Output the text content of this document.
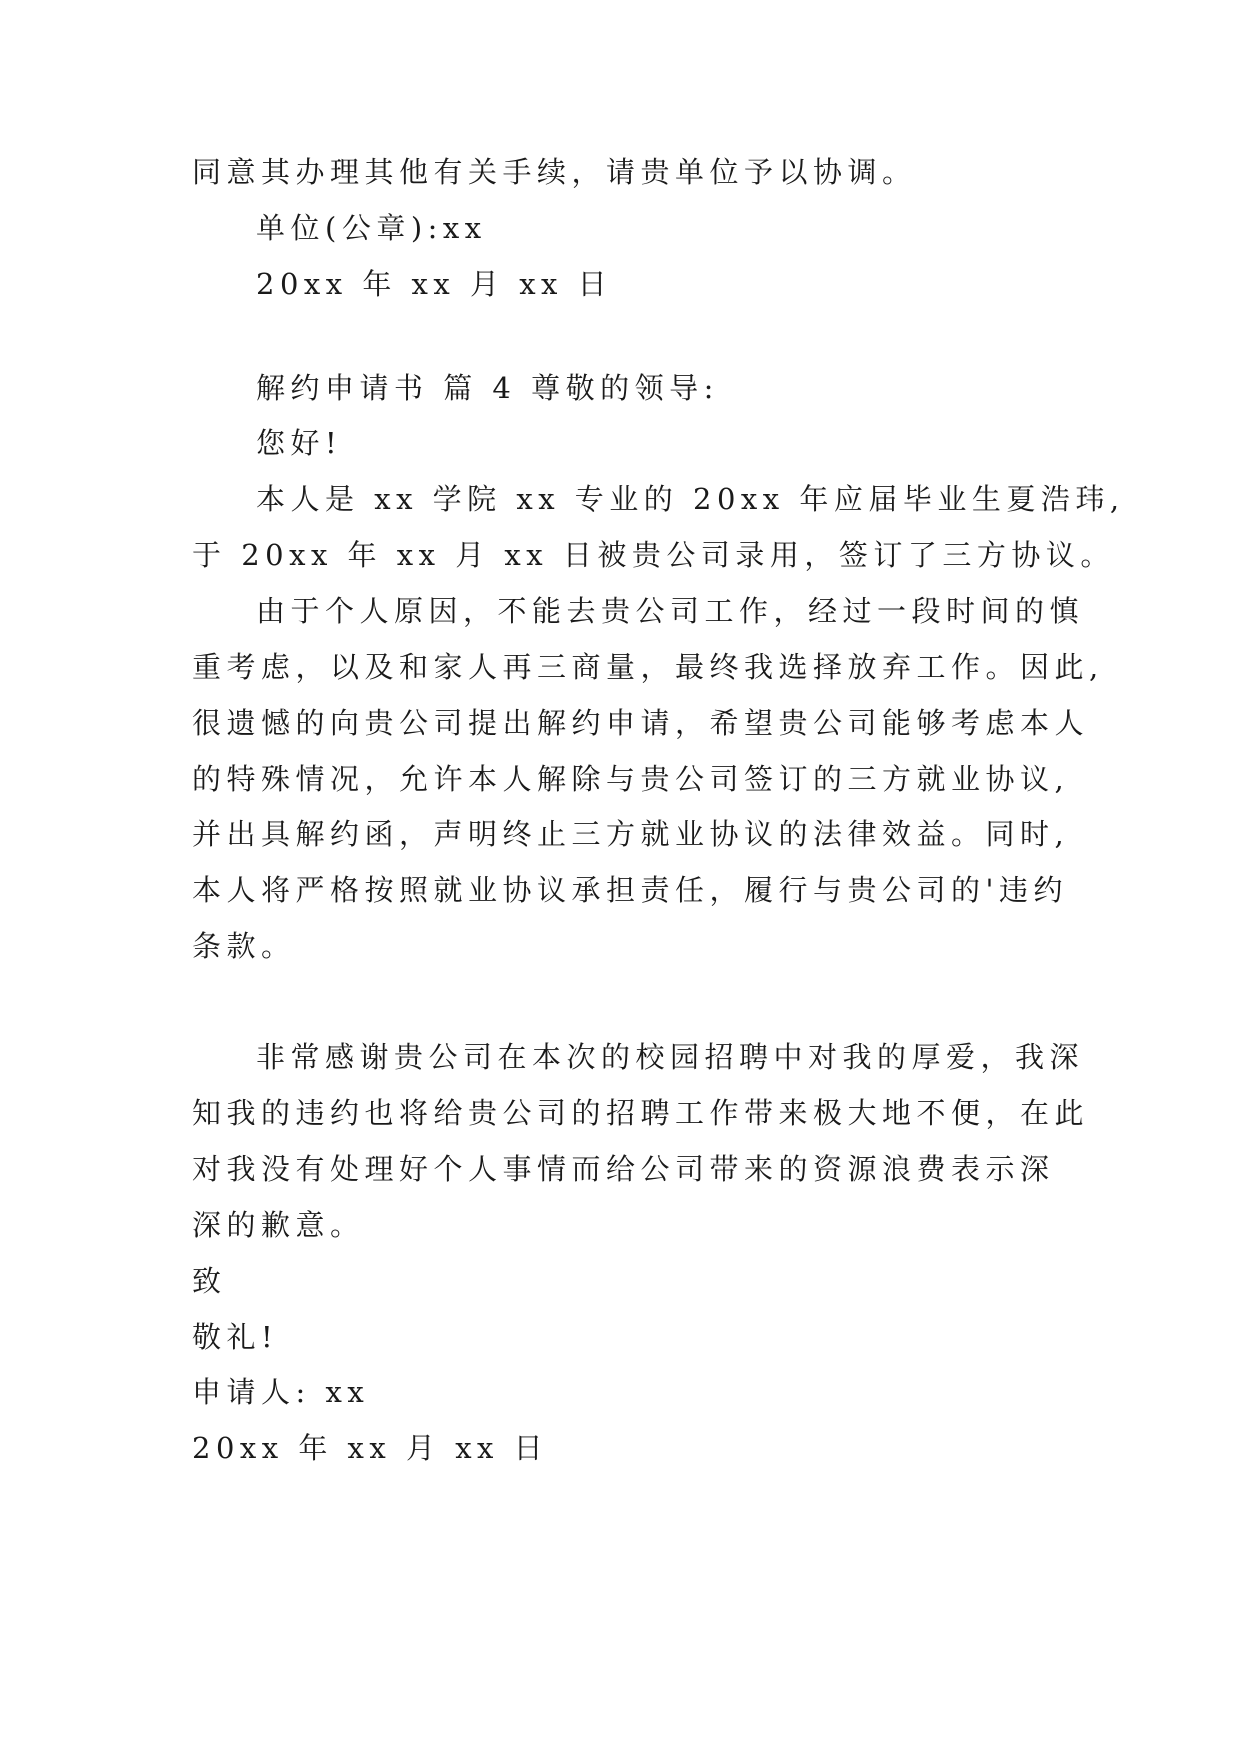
同意其办理其他有关手续，请贵单位予以协调。
单位(公章):xx
20xx 年 xx 月 xx 日
解约申请书 篇 4 尊敬的领导:
您好!
本人是 xx 学院 xx 专业的 20xx 年应届毕业生夏浩玮,
于 20xx 年 xx 月 xx 日被贵公司录用，签订了三方协议。
由于个人原因，不能去贵公司工作，经过一段时间的慎
重考虑，以及和家人再三商量，最终我选择放弃工作。因此,
很遗憾的向贵公司提出解约申请，希望贵公司能够考虑本人
的特殊情况，允许本人解除与贵公司签订的三方就业协议,
并出具解约函，声明终止三方就业协议的法律效益。同时,
本人将严格按照就业协议承担责任，履行与贵公司的'违约
条款。
非常感谢贵公司在本次的校园招聘中对我的厚爱，我深
知我的违约也将给贵公司的招聘工作带来极大地不便，在此
对我没有处理好个人事情而给公司带来的资源浪费表示深
深的歉意。
致
敬礼!
申请人: xx
20xx 年 xx 月 xx 日
